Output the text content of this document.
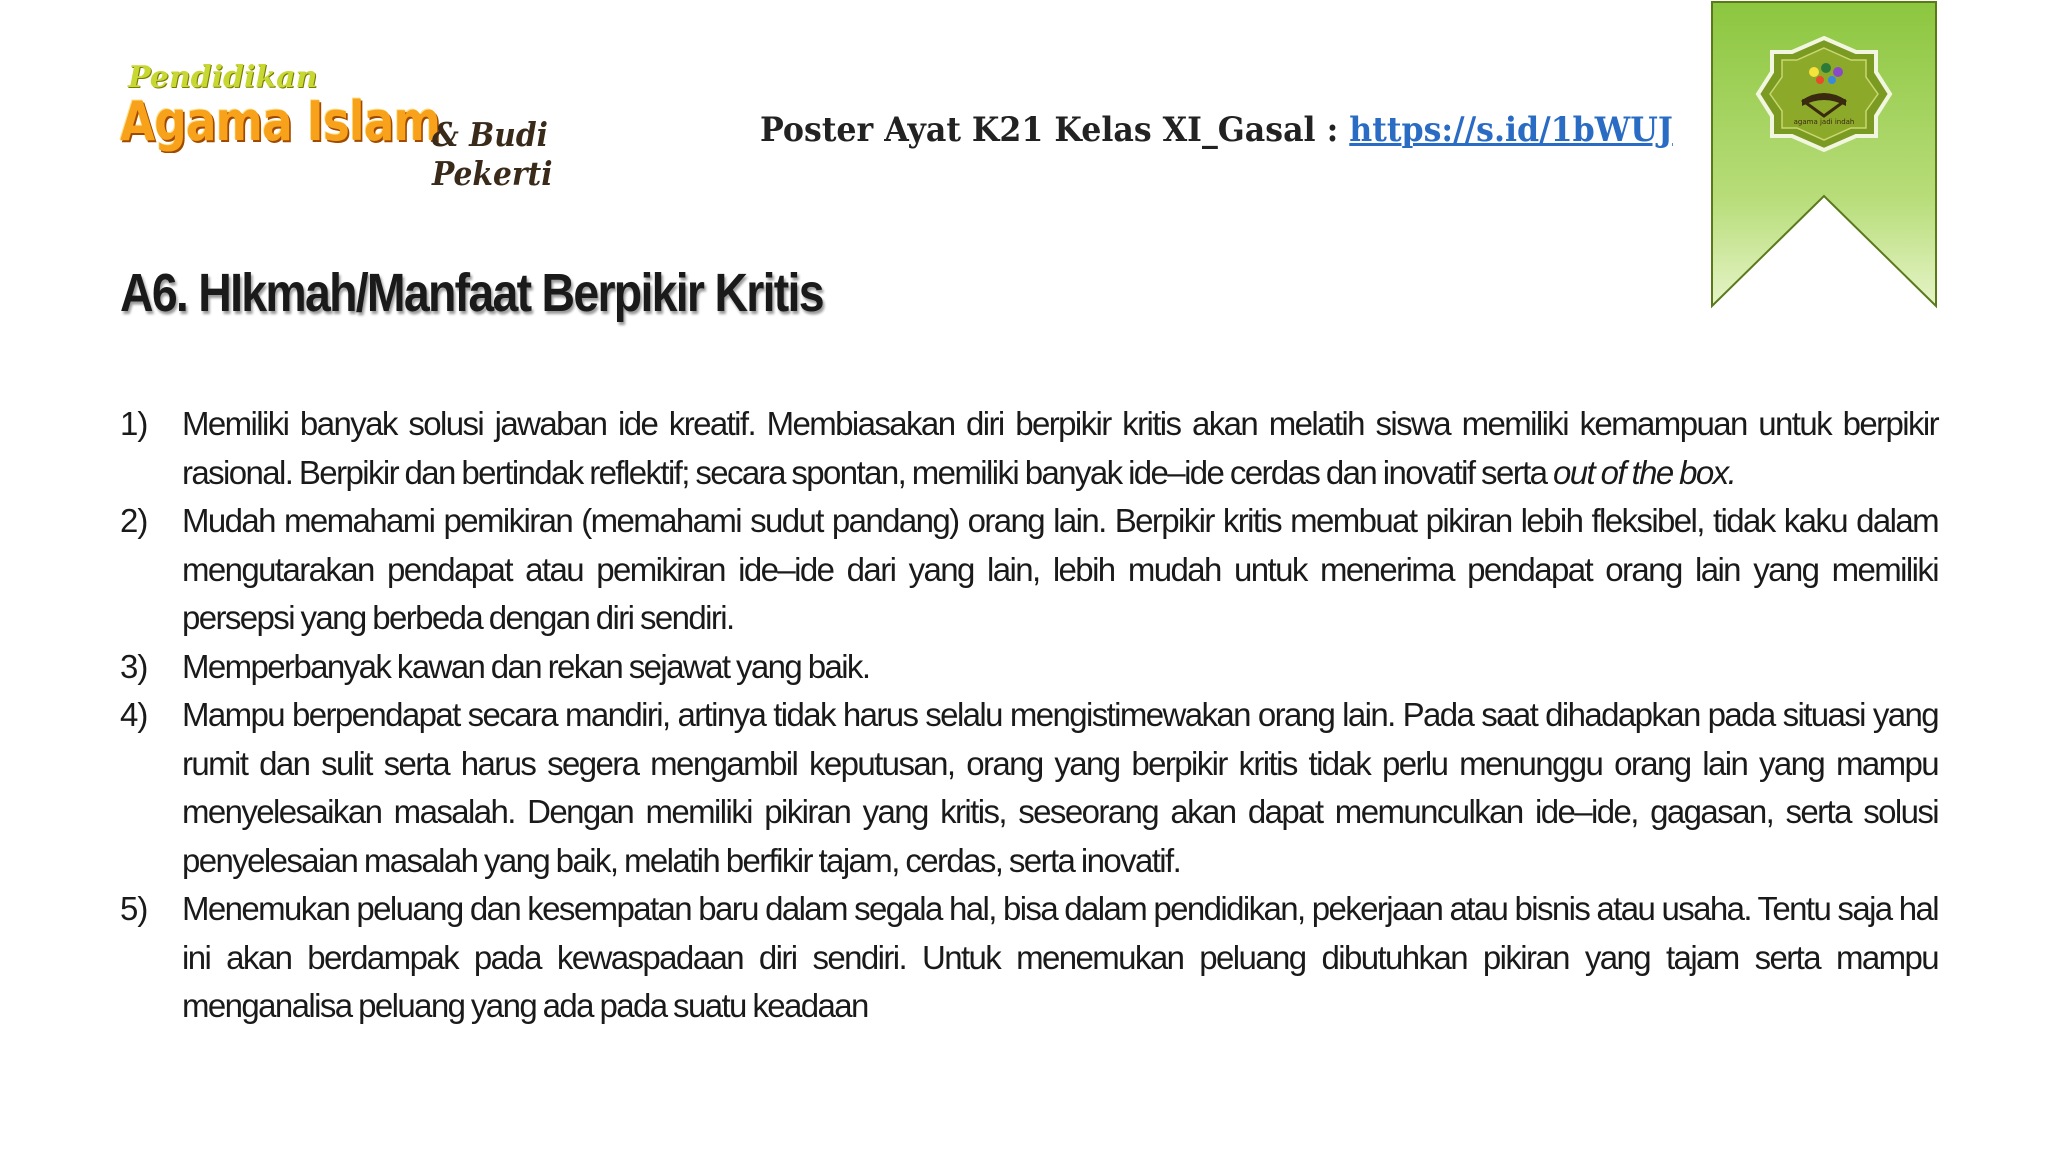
Pendidikan
Agama Islam
& Budi Pekerti
Poster Ayat K21 Kelas XI_Gasal : https://s.id/1bWUJ	agama jadi indah
A6. HIkmah/Manfaat Berpikir Kritis
1) Memiliki banyak solusi jawaban ide kreatif. Membiasakan diri berpikir kritis akan melatih siswa memiliki kemampuan untuk berpikir rasional. Berpikir dan bertindak reflektif; secara spontan, memiliki banyak ide–ide cerdas dan inovatif serta out of the box.
2) Mudah memahami pemikiran (memahami sudut pandang) orang lain. Berpikir kritis membuat pikiran lebih fleksibel, tidak kaku dalam mengutarakan pendapat atau pemikiran ide–ide dari yang lain, lebih mudah untuk menerima pendapat orang lain yang memiliki persepsi yang berbeda dengan diri sendiri.
3) Memperbanyak kawan dan rekan sejawat yang baik.
4) Mampu berpendapat secara mandiri, artinya tidak harus selalu mengistimewakan orang lain. Pada saat dihadapkan pada situasi yang rumit dan sulit serta harus segera mengambil keputusan, orang yang berpikir kritis tidak perlu menunggu orang lain yang mampu menyelesaikan masalah. Dengan memiliki pikiran yang kritis, seseorang akan dapat memunculkan ide–ide, gagasan, serta solusi penyelesaian masalah yang baik, melatih berfikir tajam, cerdas, serta inovatif.
5) Menemukan peluang dan kesempatan baru dalam segala hal, bisa dalam pendidikan, pekerjaan atau bisnis atau usaha. Tentu saja hal ini akan berdampak pada kewaspadaan diri sendiri. Untuk menemukan peluang dibutuhkan pikiran yang tajam serta mampu menganalisa peluang yang ada pada suatu keadaan
